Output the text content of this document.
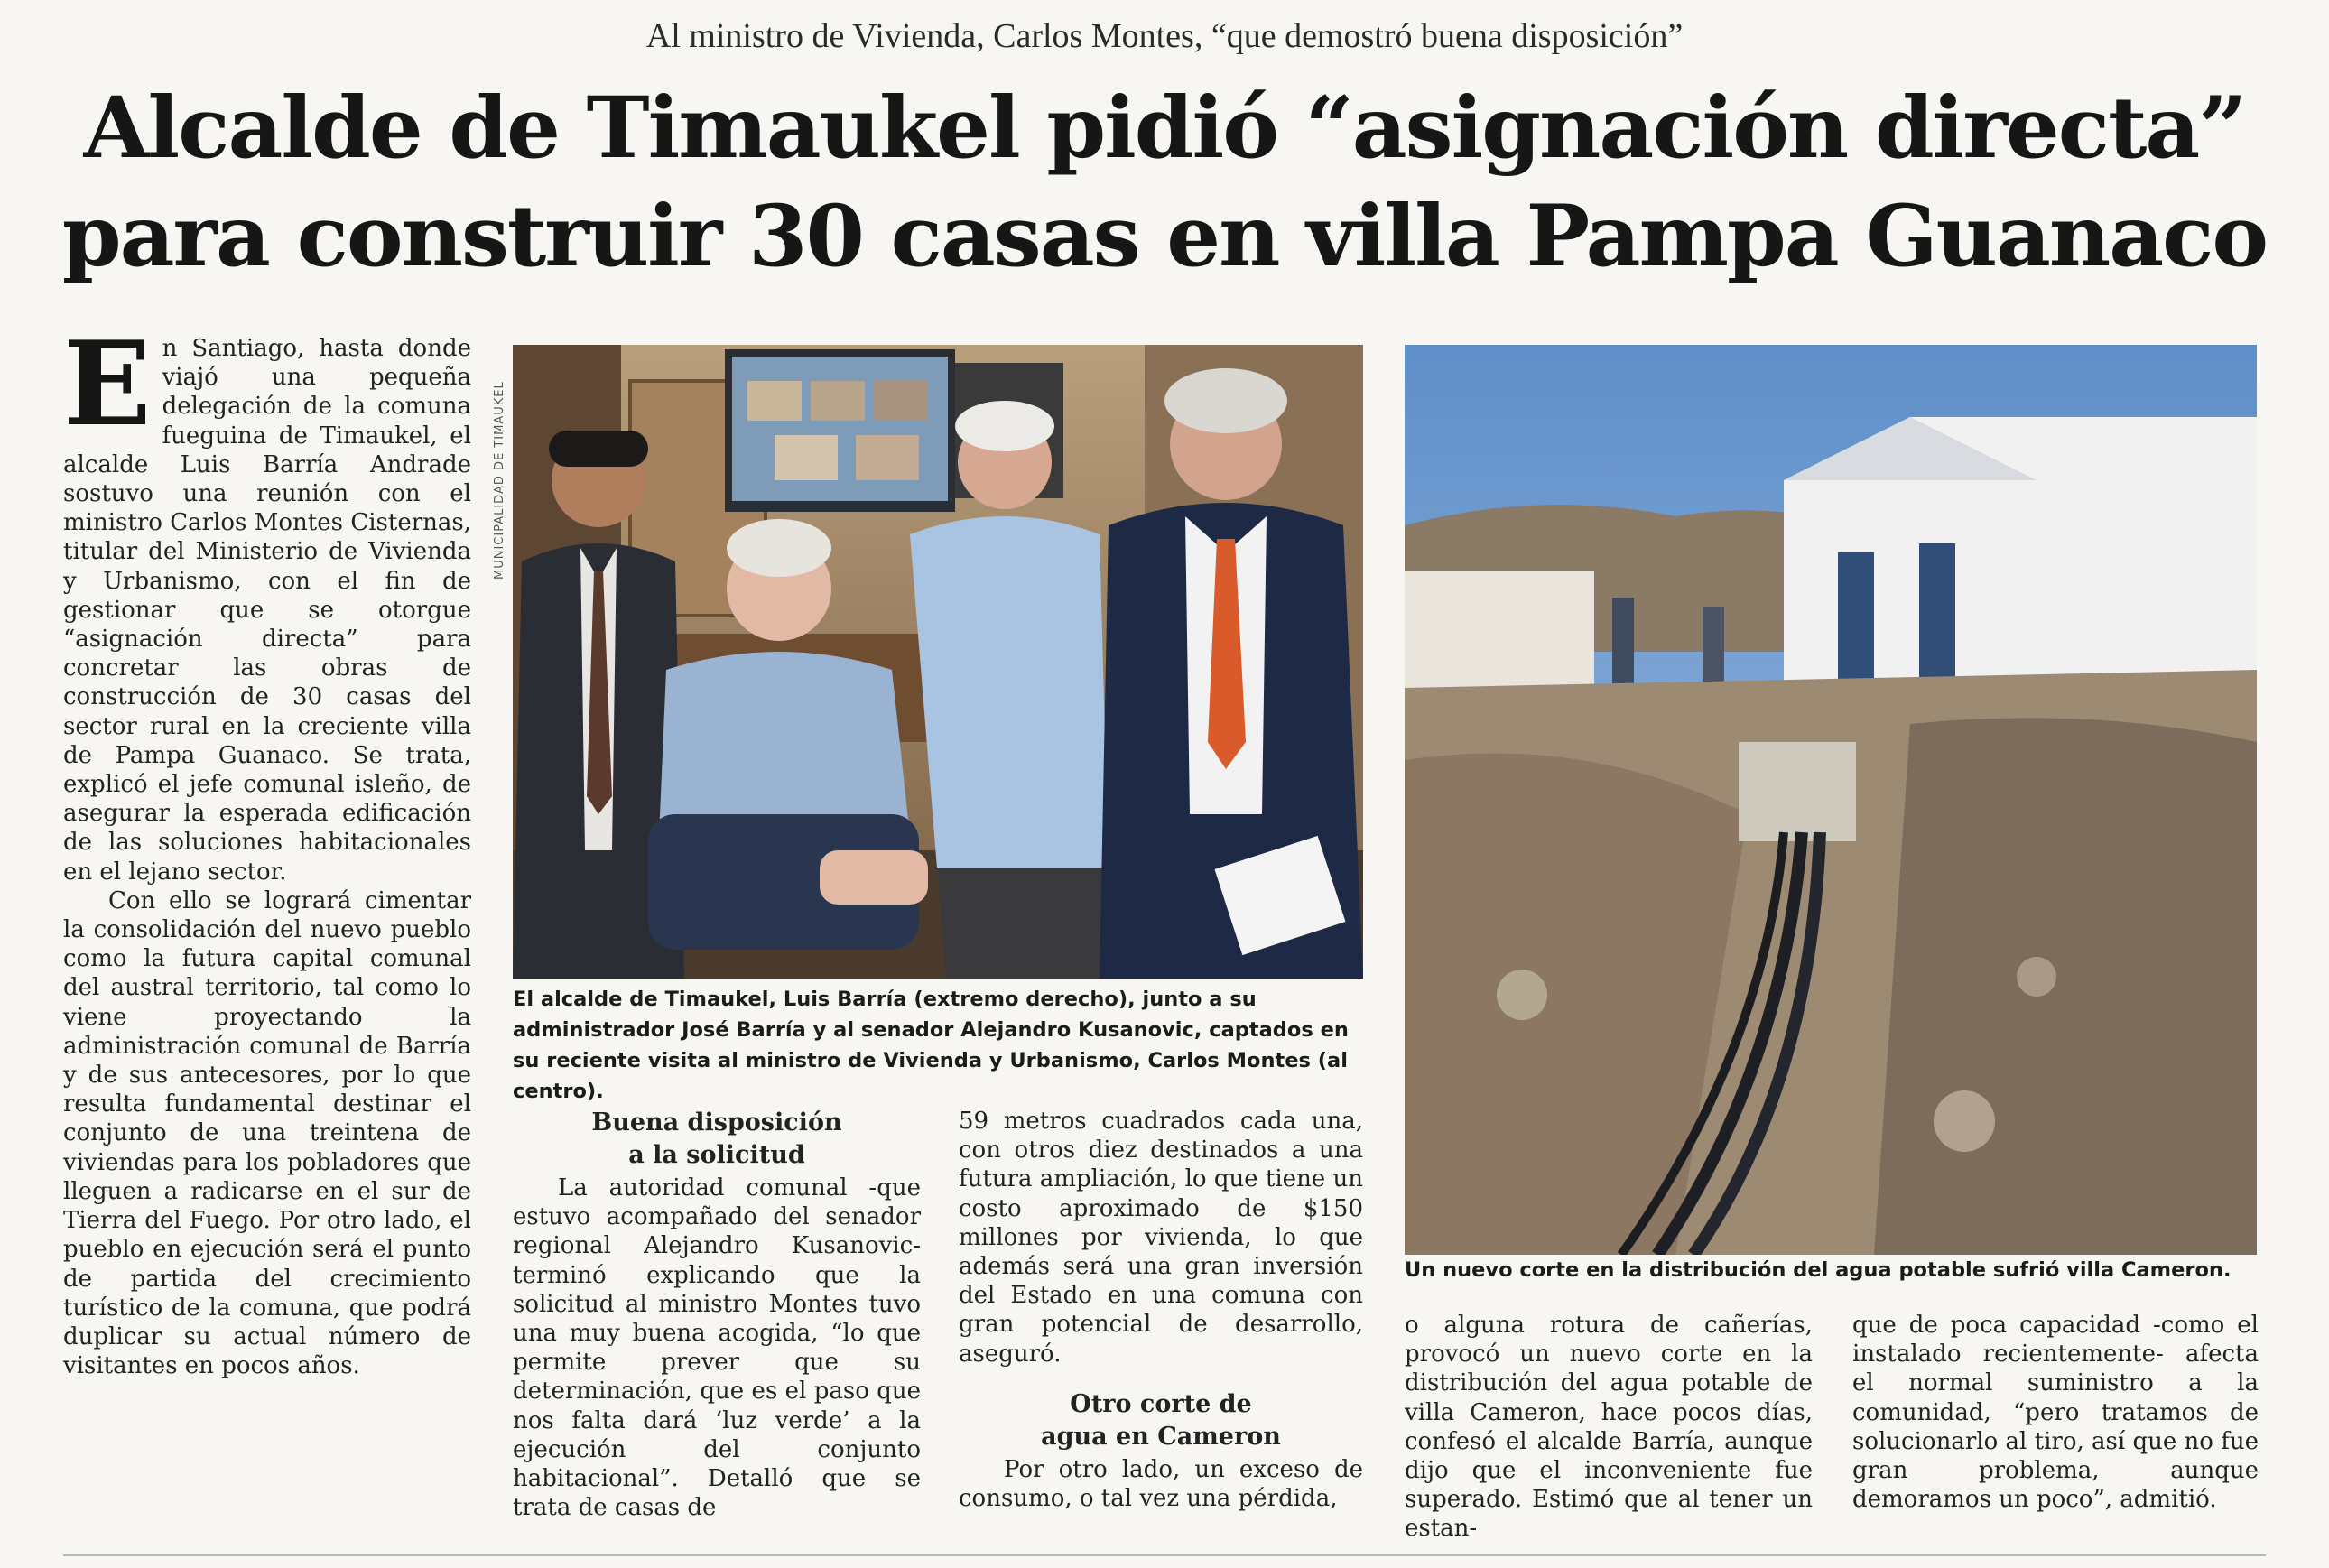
Al ministro de Vivienda, Carlos Montes, “que demostró buena disposición”
Alcalde de Timaukel pidió “asignación directa”
para construir 30 casas en villa Pampa Guanaco

En Santiago, hasta donde viajó una pequeña delegación de la comuna fueguina de Timaukel, el alcalde Luis Barría Andrade sostuvo una reunión con el ministro Carlos Montes Cisternas, titular del Ministerio de Vivienda y Urbanismo, con el fin de gestionar que se otorgue “asignación directa” para concretar las obras de construcción de 30 casas del sector rural en la creciente villa de Pampa Guanaco. Se trata, explicó el jefe comunal isleño, de asegurar la esperada edificación de las soluciones habitacionales en el lejano sector.

Con ello se logrará cimentar la consolidación del nuevo pueblo como la futura capital comunal del austral territorio, tal como lo viene proyectando la administración comunal de Barría y de sus antecesores, por lo que resulta fundamental destinar el conjunto de una treintena de viviendas para los pobladores que lleguen a radicarse en el sur de Tierra del Fuego. Por otro lado, el pueblo en ejecución será el punto de partida del crecimiento turístico de la comuna, que podrá duplicar su actual número de visitantes en pocos años.

MUNICIPALIDAD DE TIMAUKEL
El alcalde de Timaukel, Luis Barría (extremo derecho), junto a su administrador José Barría y al senador Alejandro Kusanovic, captados en su reciente visita al ministro de Vivienda y Urbanismo, Carlos Montes (al centro).
Buena disposición
a la solicitud

La autoridad comunal -que estuvo acompañado del senador regional Alejandro Kusanovic- terminó explicando que la solicitud al ministro Montes tuvo una muy buena acogida, “lo que permite prever que su determinación, que es el paso que nos falta dará ‘luz verde’ a la ejecución del conjunto habitacional”. Detalló que se trata de casas de

59 metros cuadrados cada una, con otros diez destinados a una futura ampliación, lo que tiene un costo aproximado de $150 millones por vivienda, lo que además será una gran inversión del Estado en una comuna con gran potencial de desarrollo, aseguró.

Otro corte de
agua en Cameron

Por otro lado, un exceso de consumo, o tal vez una pérdida,

Un nuevo corte en la distribución del agua potable sufrió villa Cameron.

o alguna rotura de cañerías, provocó un nuevo corte en la distribución del agua potable de villa Cameron, hace pocos días, confesó el alcalde Barría, aunque dijo que el inconveniente fue superado. Estimó que al tener un estan-

que de poca capacidad -como el instalado recientemente- afecta el normal suministro a la comunidad, “pero tratamos de solucionarlo al tiro, así que no fue gran problema, aunque demoramos un poco”, admitió.
